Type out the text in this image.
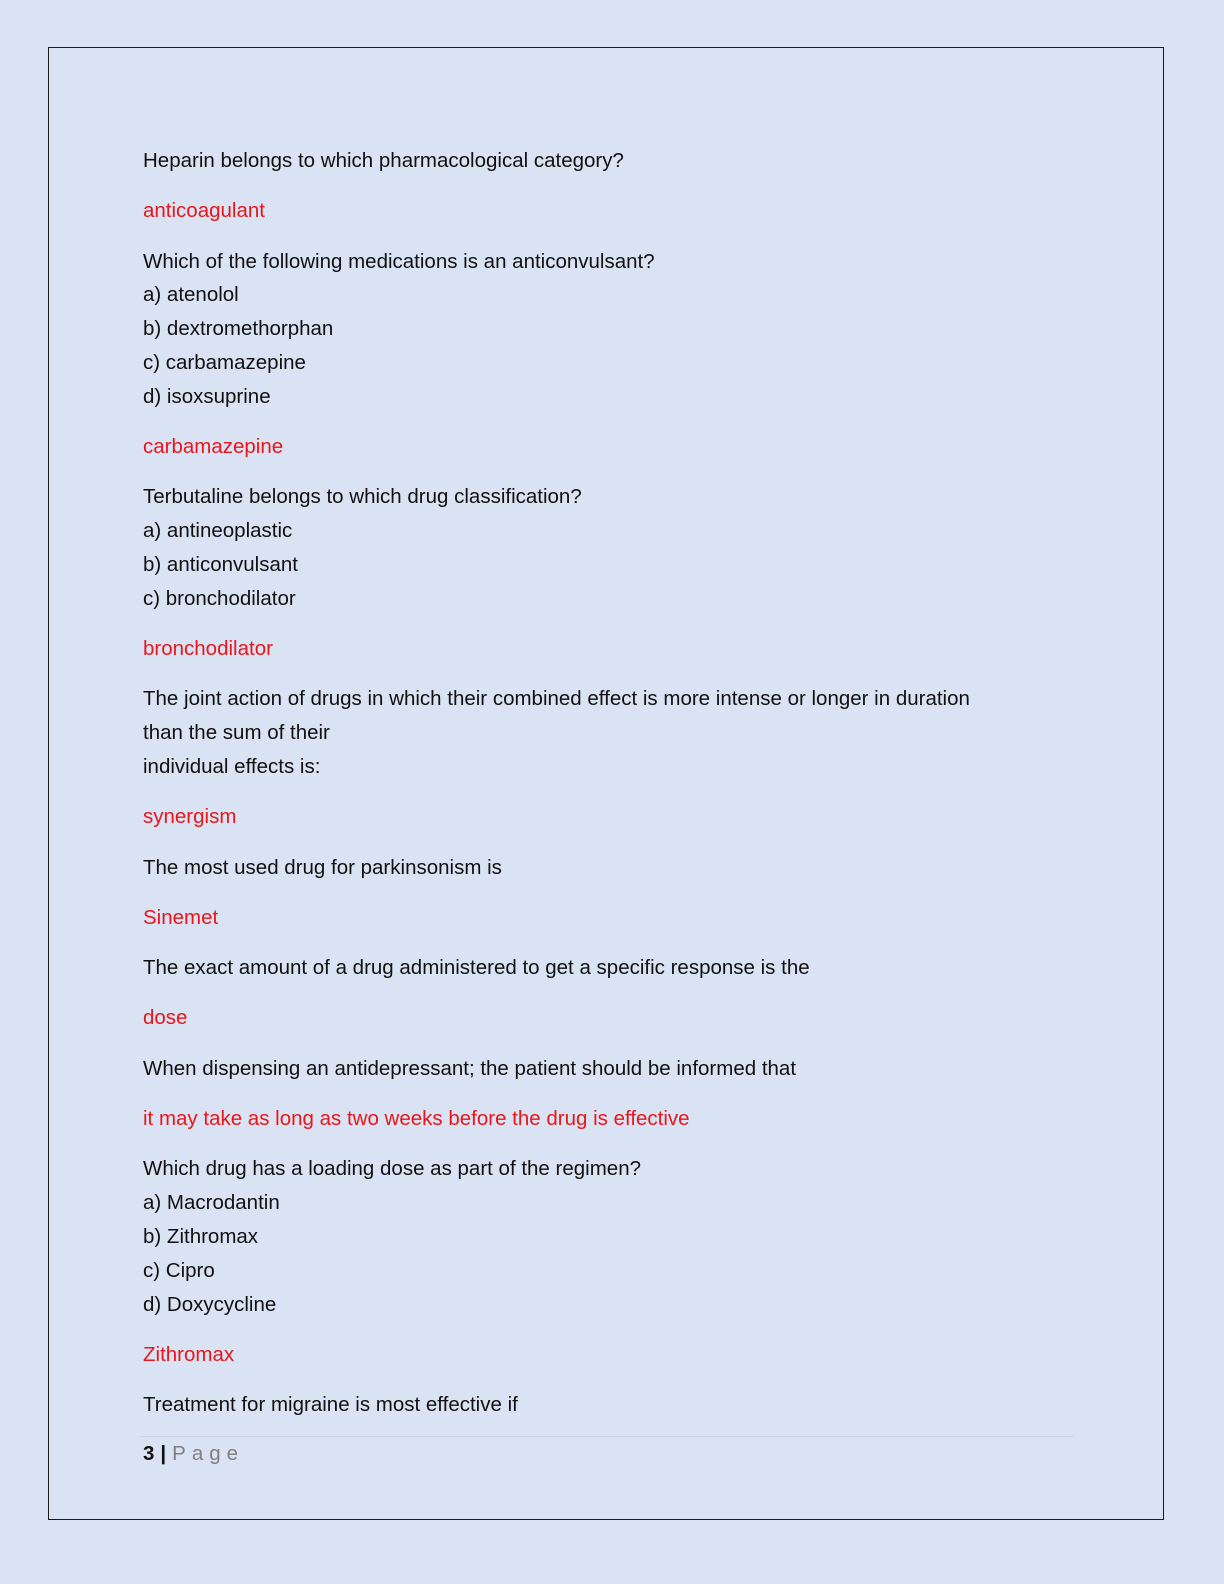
Heparin belongs to which pharmacological category?
anticoagulant
Which of the following medications is an anticonvulsant?
a) atenolol
b) dextromethorphan
c) carbamazepine
d) isoxsuprine
carbamazepine
Terbutaline belongs to which drug classification?
a) antineoplastic
b) anticonvulsant
c) bronchodilator
bronchodilator
The joint action of drugs in which their combined effect is more intense or longer in duration
than the sum of their
individual effects is:
synergism
The most used drug for parkinsonism is
Sinemet
The exact amount of a drug administered to get a specific response is the
dose
When dispensing an antidepressant; the patient should be informed that
it may take as long as two weeks before the drug is effective
Which drug has a loading dose as part of the regimen?
a) Macrodantin
b) Zithromax
c) Cipro
d) Doxycycline
Zithromax
Treatment for migraine is most effective if
3 | Page
